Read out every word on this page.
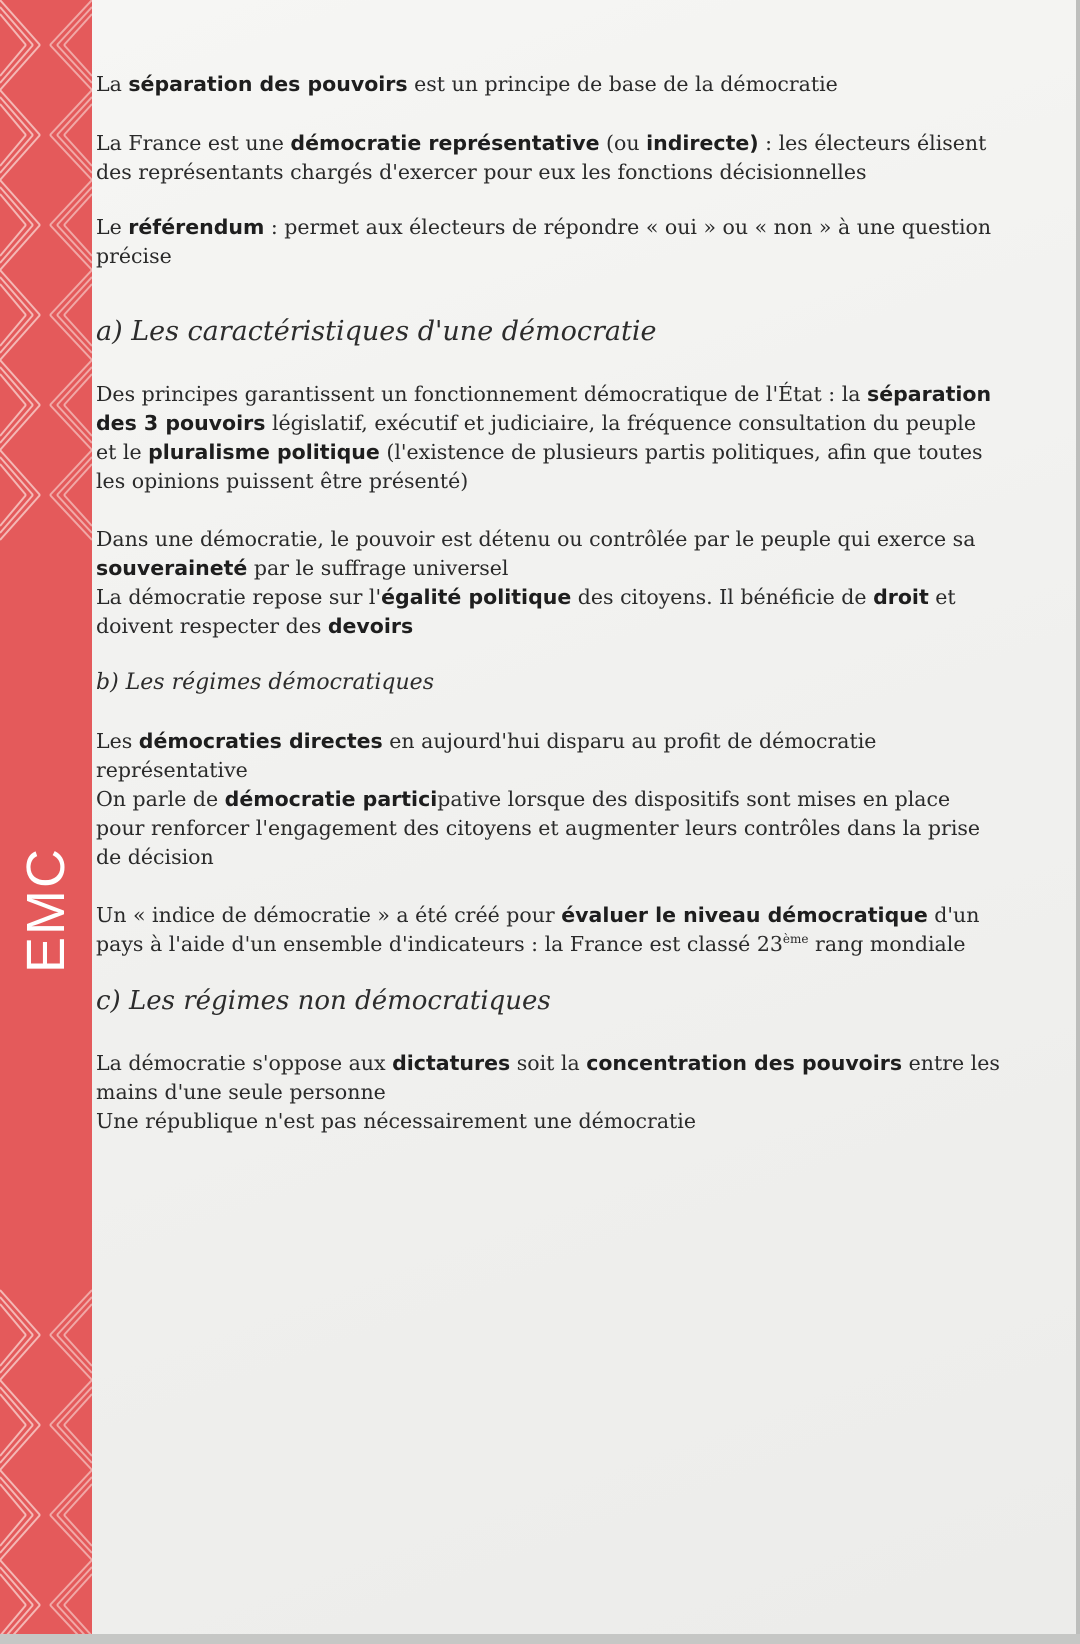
EMC

La séparation des pouvoirs est un principe de base de la démocratie

La France est une démocratie représentative (ou indirecte) : les électeurs élisent des représentants chargés d'exercer pour eux les fonctions décisionnelles

Le référendum : permet aux électeurs de répondre « oui » ou « non » à une question précise

a) Les caractéristiques d'une démocratie

Des principes garantissent un fonctionnement démocratique de l'État : la séparation des 3 pouvoirs législatif, exécutif et judiciaire, la fréquence consultation du peuple et le pluralisme politique (l'existence de plusieurs partis politiques, afin que toutes les opinions puissent être présenté)

Dans une démocratie, le pouvoir est détenu ou contrôlée par le peuple qui exerce sa souveraineté par le suffrage universel

La démocratie repose sur l'égalité politique des citoyens. Il bénéficie de droit et doivent respecter des devoirs

b) Les régimes démocratiques

Les démocraties directes en aujourd'hui disparu au profit de démocratie représentative

On parle de démocratie participative lorsque des dispositifs sont mises en place pour renforcer l'engagement des citoyens et augmenter leurs contrôles dans la prise de décision

Un « indice de démocratie » a été créé pour évaluer le niveau démocratique d'un pays à l'aide d'un ensemble d'indicateurs : la France est classé 23ème rang mondiale

c) Les régimes non démocratiques

La démocratie s'oppose aux dictatures soit la concentration des pouvoirs entre les mains d'une seule personne

Une république n'est pas nécessairement une démocratie
